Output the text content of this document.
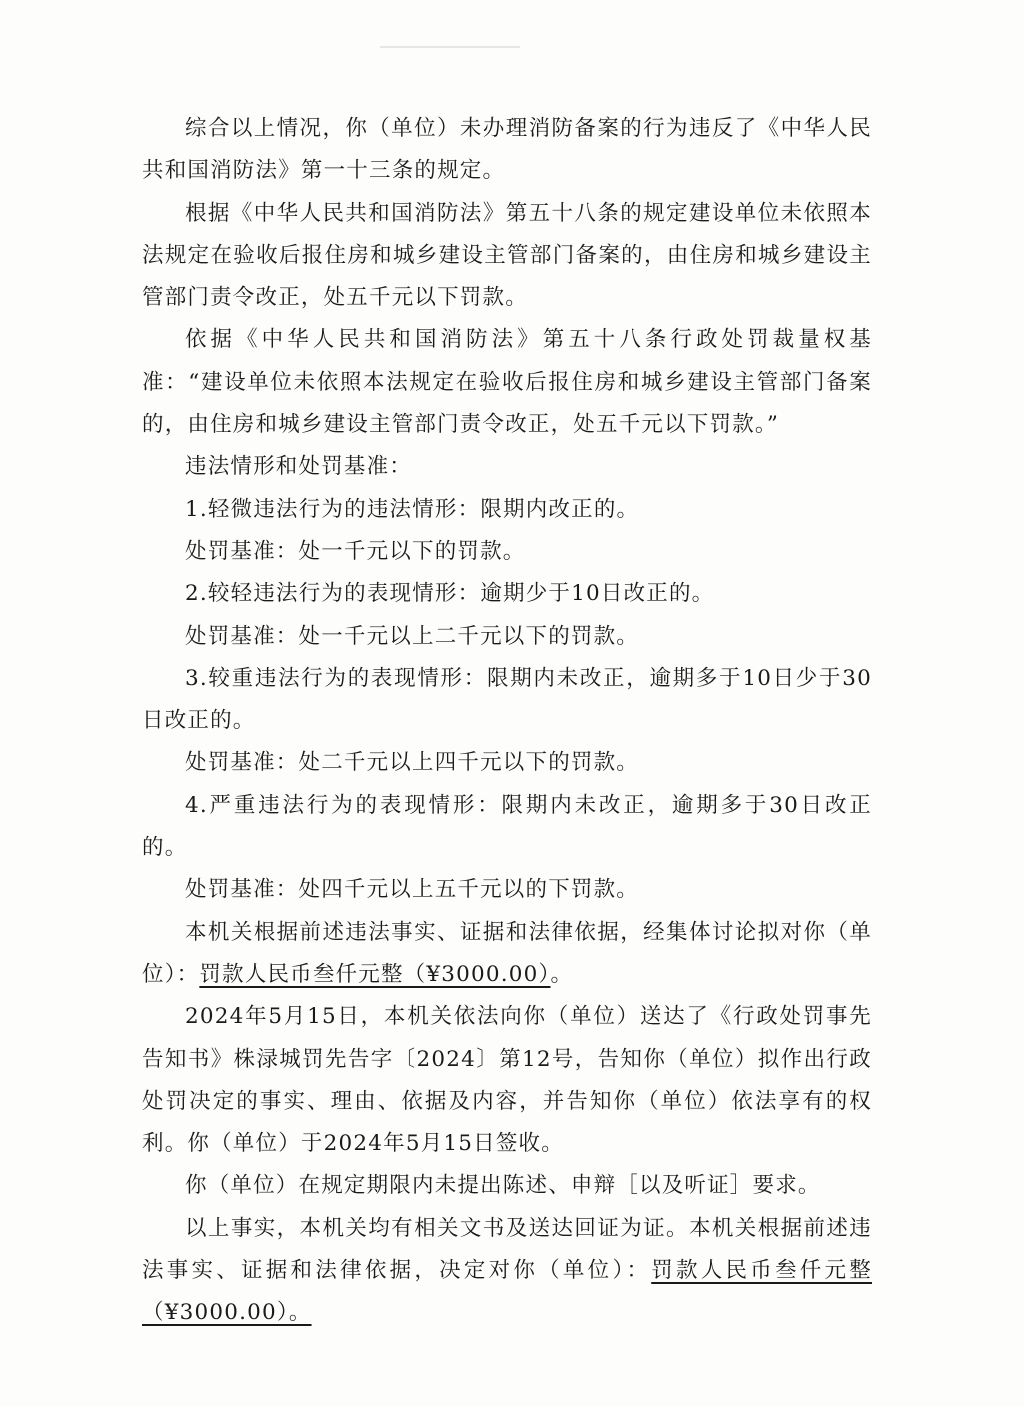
综合以上情况，你（单位）未办理消防备案的行为违反了《中华人民共和国消防法》第一十三条的规定。

根据《中华人民共和国消防法》第五十八条的规定建设单位未依照本法规定在验收后报住房和城乡建设主管部门备案的，由住房和城乡建设主管部门责令改正，处五千元以下罚款。

依据《中华人民共和国消防法》第五十八条行政处罚裁量权基准：“建设单位未依照本法规定在验收后报住房和城乡建设主管部门备案的，由住房和城乡建设主管部门责令改正，处五千元以下罚款。”

违法情形和处罚基准：

1.轻微违法行为的违法情形：限期内改正的。

处罚基准：处一千元以下的罚款。

2.较轻违法行为的表现情形：逾期少于10日改正的。

处罚基准：处一千元以上二千元以下的罚款。

3.较重违法行为的表现情形：限期内未改正，逾期多于10日少于30日改正的。

处罚基准：处二千元以上四千元以下的罚款。

4.严重违法行为的表现情形：限期内未改正，逾期多于30日改正的。

处罚基准：处四千元以上五千元以的下罚款。

本机关根据前述违法事实、证据和法律依据，经集体讨论拟对你（单位）：罚款人民币叁仟元整（¥3000.00）。

2024年5月15日，本机关依法向你（单位）送达了《行政处罚事先告知书》株渌城罚先告字〔2024〕第12号，告知你（单位）拟作出行政处罚决定的事实、理由、依据及内容，并告知你（单位）依法享有的权利。你（单位）于2024年5月15日签收。

你（单位）在规定期限内未提出陈述、申辩［以及听证］要求。

以上事实，本机关均有相关文书及送达回证为证。本机关根据前述违法事实、证据和法律依据，决定对你（单位）：罚款人民币叁仟元整（¥3000.00）。
